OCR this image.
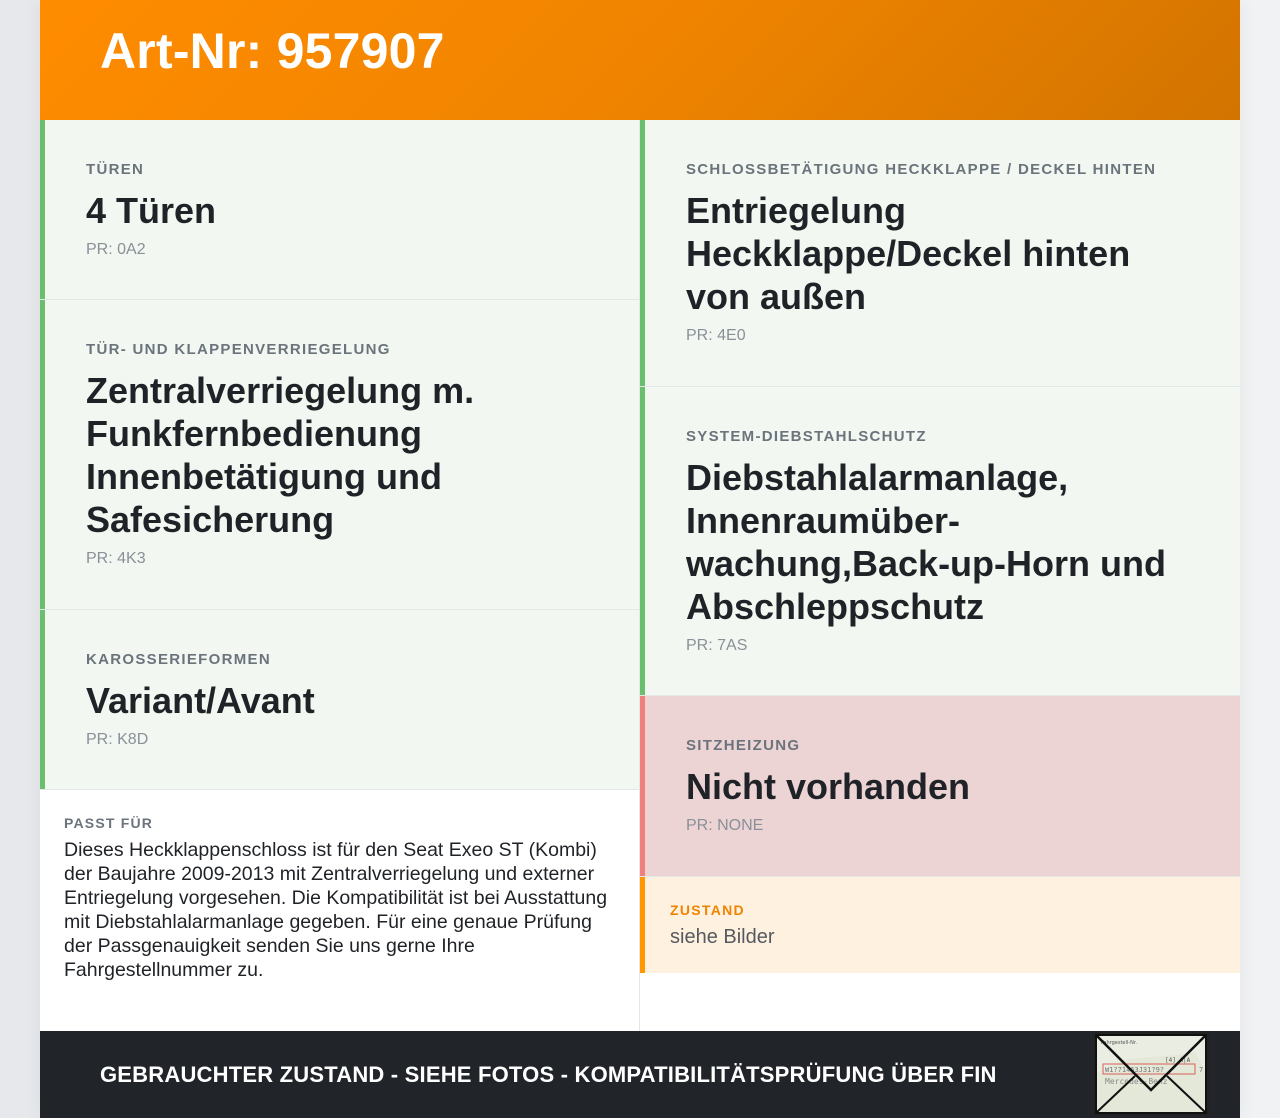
Art-Nr: 957907
TÜREN
4 Türen
PR: 0A2
TÜR- UND KLAPPENVERRIEGELUNG
Zentralverriegelung m. Funkfernbedienung Innenbetätigung und Safesicherung
PR: 4K3
KAROSSERIEFORMEN
Variant/Avant
PR: K8D
PASST FÜR
Dieses Heckklappenschloss ist für den Seat Exeo ST (Kombi) der Baujahre 2009-2013 mit Zentralverriegelung und externer Entriegelung vorgesehen. Die Kompatibilität ist bei Ausstattung mit Diebstahlalarmanlage gegeben. Für eine genaue Prüfung der Passgenauigkeit senden Sie uns gerne Ihre Fahrgestellnummer zu.
SCHLOSSBETÄTIGUNG HECKKLAPPE / DECKEL HINTEN
Entriegelung Heckklappe/Deckel hinten von außen
PR: 4E0
SYSTEM-DIEBSTAHLSCHUTZ
Diebstahlalarmanlage, Innenraumüberwachung,Back-up-Horn und Abschleppschutz
PR: 7AS
SITZHEIZUNG
Nicht vorhanden
PR: NONE
ZUSTAND
siehe Bilder
GEBRAUCHTER ZUSTAND - SIEHE FOTOS - KOMPATIBILITÄTSPRÜFUNG ÜBER FIN
Fahrgestell-Nr.
[4] A|A
W1?71463J31?9?	7
Mercedes-Benz
